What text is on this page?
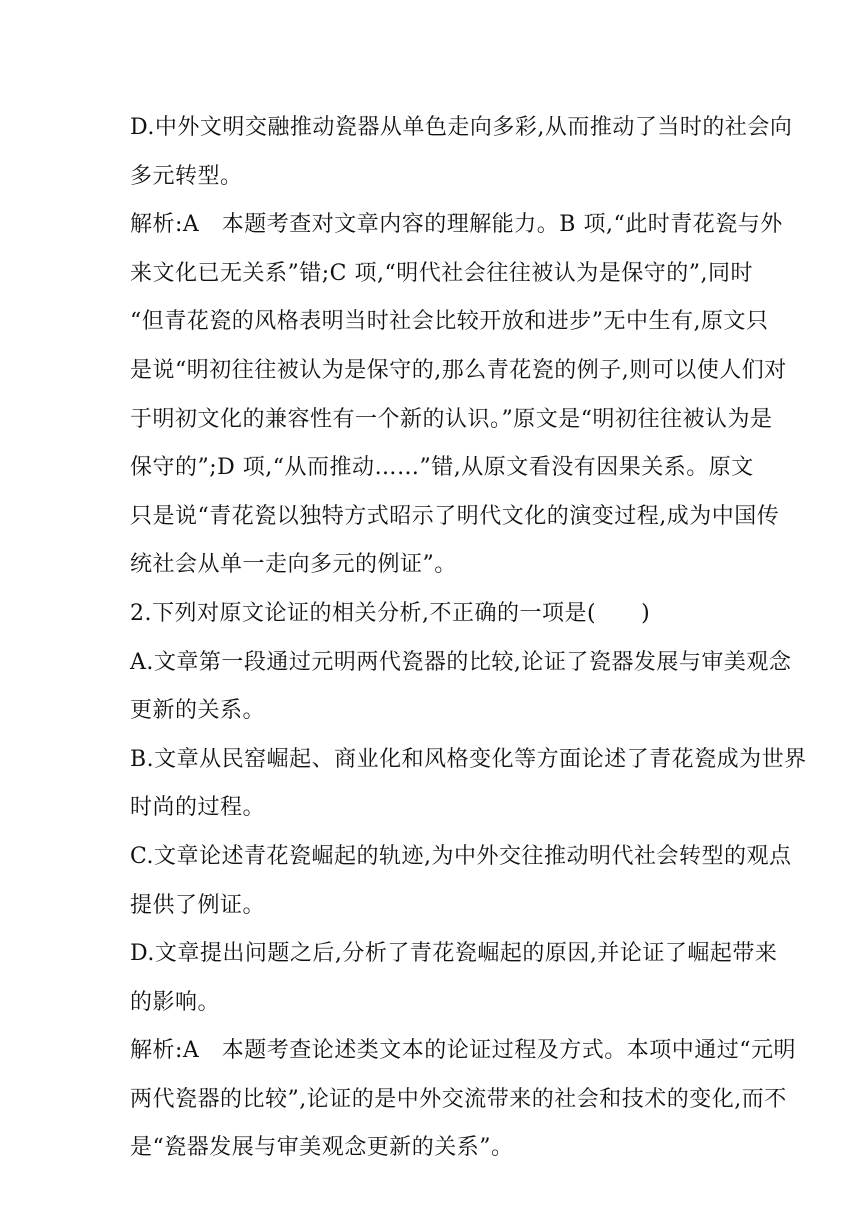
D.中外文明交融推动瓷器从单色走向多彩,从而推动了当时的社会向
多元转型。
解析:A　本题考查对文章内容的理解能力。B 项,“此时青花瓷与外
来文化已无关系”错;C 项,“明代社会往往被认为是保守的”,同时
“但青花瓷的风格表明当时社会比较开放和进步”无中生有,原文只
是说“明初往往被认为是保守的,那么青花瓷的例子,则可以使人们对
于明初文化的兼容性有一个新的认识。”原文是“明初往往被认为是
保守的”;D 项,“从而推动……”错,从原文看没有因果关系。原文
只是说“青花瓷以独特方式昭示了明代文化的演变过程,成为中国传
统社会从单一走向多元的例证”。
2.下列对原文论证的相关分析,不正确的一项是(　　)
A.文章第一段通过元明两代瓷器的比较,论证了瓷器发展与审美观念
更新的关系。
B.文章从民窑崛起、商业化和风格变化等方面论述了青花瓷成为世界
时尚的过程。
C.文章论述青花瓷崛起的轨迹,为中外交往推动明代社会转型的观点
提供了例证。
D.文章提出问题之后,分析了青花瓷崛起的原因,并论证了崛起带来
的影响。
解析:A　本题考查论述类文本的论证过程及方式。本项中通过“元明
两代瓷器的比较”,论证的是中外交流带来的社会和技术的变化,而不
是“瓷器发展与审美观念更新的关系”。
